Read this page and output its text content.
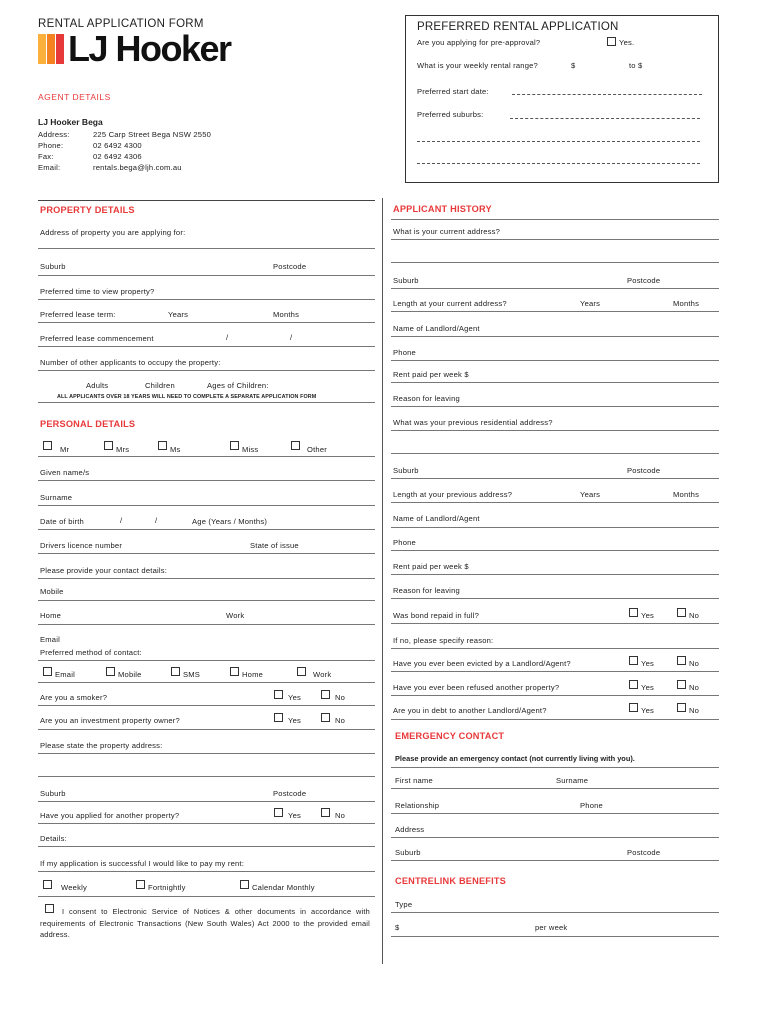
RENTAL APPLICATION FORM
LJ Hooker
PREFERRED RENTAL APPLICATION
Are you applying for pre-approval?	Yes.
What is your weekly rental range?	$	to $
Preferred start date:
Preferred suburbs:
AGENT DETAILS
LJ Hooker Bega
Address:	225 Carp Street Bega NSW 2550
Phone:	02 6492 4300
Fax:	02 6492 4306
Email:	rentals.bega@ljh.com.au
PROPERTY DETAILS
Address of property you are applying for:
Suburb	Postcode
Preferred time to view property?
Preferred lease term:	Years	Months
Preferred lease commencement	/	/
Number of other applicants to occupy the property:
Adults	Children	Ages of Children:
ALL APPLICANTS OVER 18 YEARS WILL NEED TO COMPLETE A SEPARATE APPLICATION FORM
PERSONAL DETAILS
Mr	Mrs	Ms	Miss	Other
Given name/s
Surname
Date of birth	/	/	Age (Years / Months)
Drivers licence number	State of issue
Please provide your contact details:
Mobile
Home	Work
Email
Preferred method of contact:
Email	Mobile	SMS	Home	Work
Are you a smoker?	Yes	No
Are you an investment property owner?	Yes	No
Please state the property address:
Suburb	Postcode
Have you applied for another property?	Yes	No
Details:
If my application is successful I would like to pay my rent:
Weekly	Fortnightly	Calendar Monthly
I consent to Electronic Service of Notices & other documents in accordance with requirements of Electronic Transactions (New South Wales) Act 2000 to the provided email address.
APPLICANT HISTORY
What is your current address?
Suburb	Postcode
Length at your current address?	Years	Months
Name of Landlord/Agent
Phone
Rent paid per week $
Reason for leaving
What was your previous residential address?
Suburb	Postcode
Length at your previous address?	Years	Months
Name of Landlord/Agent
Phone
Rent paid per week $
Reason for leaving
Was bond repaid in full?	Yes	No
If no, please specify reason:
Have you ever been evicted by a Landlord/Agent?	Yes	No
Have you ever been refused another property?	Yes	No
Are you in debt to another Landlord/Agent?	Yes	No
EMERGENCY CONTACT
Please provide an emergency contact (not currently living with you).
First name	Surname
Relationship	Phone
Address
Suburb	Postcode
CENTRELINK BENEFITS
Type
$	per week
